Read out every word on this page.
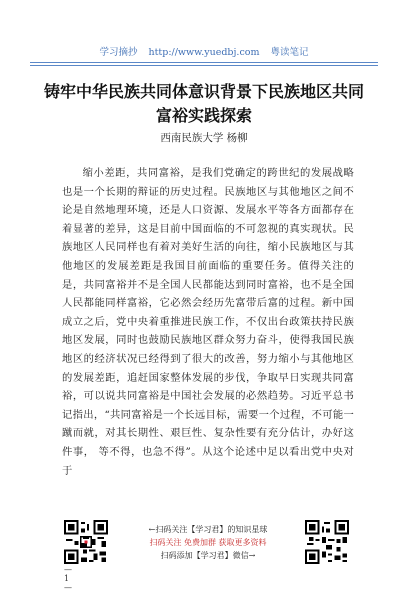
学习摘抄 http://www.yuedbj.com 粤读笔记
铸牢中华民族共同体意识背景下民族地区共同富裕实践探索
西南民族大学 杨柳
缩小差距，共同富裕，是我们党确定的跨世纪的发展战略也是一个长期的辩证的历史过程。民族地区与其他地区之间不论是自然地理环境，还是人口资源、发展水平等各方面都存在着显著的差异，这是目前中国面临的不可忽视的真实现状。民族地区人民同样也有着对美好生活的向往，缩小民族地区与其他地区的发展差距是我国目前面临的重要任务。值得关注的是，共同富裕并不是全国人民都能达到同时富裕，也不是全国人民都能同样富裕，它必然会经历先富带后富的过程。新中国成立之后，党中央着重推进民族工作，不仅出台政策扶持民族地区发展，同时也鼓励民族地区群众努力奋斗，使得我国民族地区的经济状况已经得到了很大的改善，努力缩小与其他地区的发展差距，追赶国家整体发展的步伐，争取早日实现共同富裕，可以说共同富裕是中国社会发展的必然趋势。习近平总书记指出，“共同富裕是一个长远目标，需要一个过程，不可能一蹴而就，对其长期性、艰巨性、复杂性要有充分估计，办好这件事， 等不得，也急不得”。从这个论述中足以看出党中央对于
←扫码关注【学习君】的知识星球
扫码关注 免费加群 获取更多资料
扫码添加【学习君】微信→
— 1 —
